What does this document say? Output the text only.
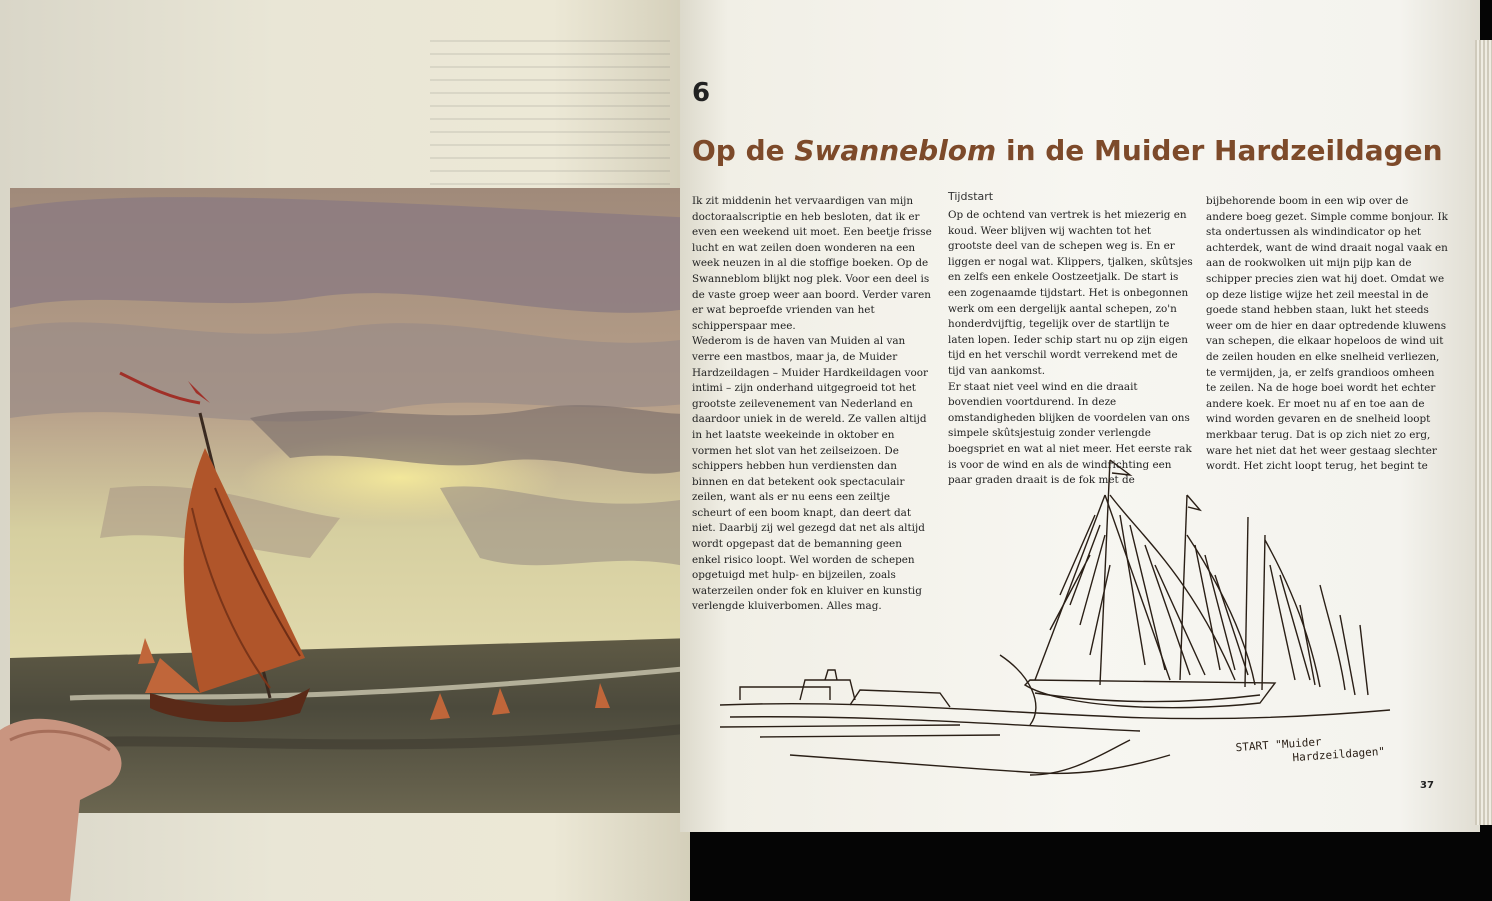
6
Op de Swanneblom in de Muider Hardzeildagen

Ik zit middenin het vervaardigen van mijn doctoraalscriptie en heb besloten, dat ik er even een weekend uit moet. Een beetje frisse lucht en wat zeilen doen wonderen na een week neuzen in al die stoffige boeken. Op de Swanneblom blijkt nog plek. Voor een deel is de vaste groep weer aan boord. Verder varen er wat beproefde vrienden van het schipperspaar mee.

Wederom is de haven van Muiden al van verre een mastbos, maar ja, de Muider Hardzeildagen – Muider Hardkeildagen voor intimi – zijn onderhand uitgegroeid tot het grootste zeilevenement van Nederland en daardoor uniek in de wereld. Ze vallen altijd in het laatste weekeinde in oktober en vormen het slot van het zeilseizoen. De schippers hebben hun verdiensten dan binnen en dat betekent ook spectaculair zeilen, want als er nu eens een zeiltje scheurt of een boom knapt, dan deert dat niet. Daarbij zij wel gezegd dat net als altijd wordt opgepast dat de bemanning geen enkel risico loopt. Wel worden de schepen opgetuigd met hulp- en bijzeilen, zoals waterzeilen onder fok en kluiver en kunstig verlengde kluiverbomen. Alles mag.

Tijdstart

Op de ochtend van vertrek is het miezerig en koud. Weer blijven wij wachten tot het grootste deel van de schepen weg is. En er liggen er nogal wat. Klippers, tjalken, skûtsjes en zelfs een enkele Oostzeetjalk. De start is een zogenaamde tijdstart. Het is onbegonnen werk om een dergelijk aantal schepen, zo'n honderdvijftig, tegelijk over de startlijn te laten lopen. Ieder schip start nu op zijn eigen tijd en het verschil wordt verrekend met de tijd van aankomst.

Er staat niet veel wind en die draait bovendien voortdurend. In deze omstandigheden blijken de voordelen van ons simpele skûtsjestuig zonder verlengde boegspriet en wat al niet meer. Het eerste rak is voor de wind en als de windrichting een paar graden draait is de fok met de

bijbehorende boom in een wip over de andere boeg gezet. Simple comme bonjour. Ik sta ondertussen als windindicator op het achterdek, want de wind draait nogal vaak en aan de rookwolken uit mijn pijp kan de schipper precies zien wat hij doet. Omdat we op deze listige wijze het zeil meestal in de goede stand hebben staan, lukt het steeds weer om de hier en daar optredende kluwens van schepen, die elkaar hopeloos de wind uit de zeilen houden en elke snelheid verliezen, te vermijden, ja, er zelfs grandioos omheen te zeilen. Na de hoge boei wordt het echter andere koek. Er moet nu af en toe aan de wind worden gevaren en de snelheid loopt merkbaar terug. Dat is op zich niet zo erg, ware het niet dat het weer gestaag slechter wordt. Het zicht loopt terug, het begint te

START "Muider
Hardzeildagen"
37
